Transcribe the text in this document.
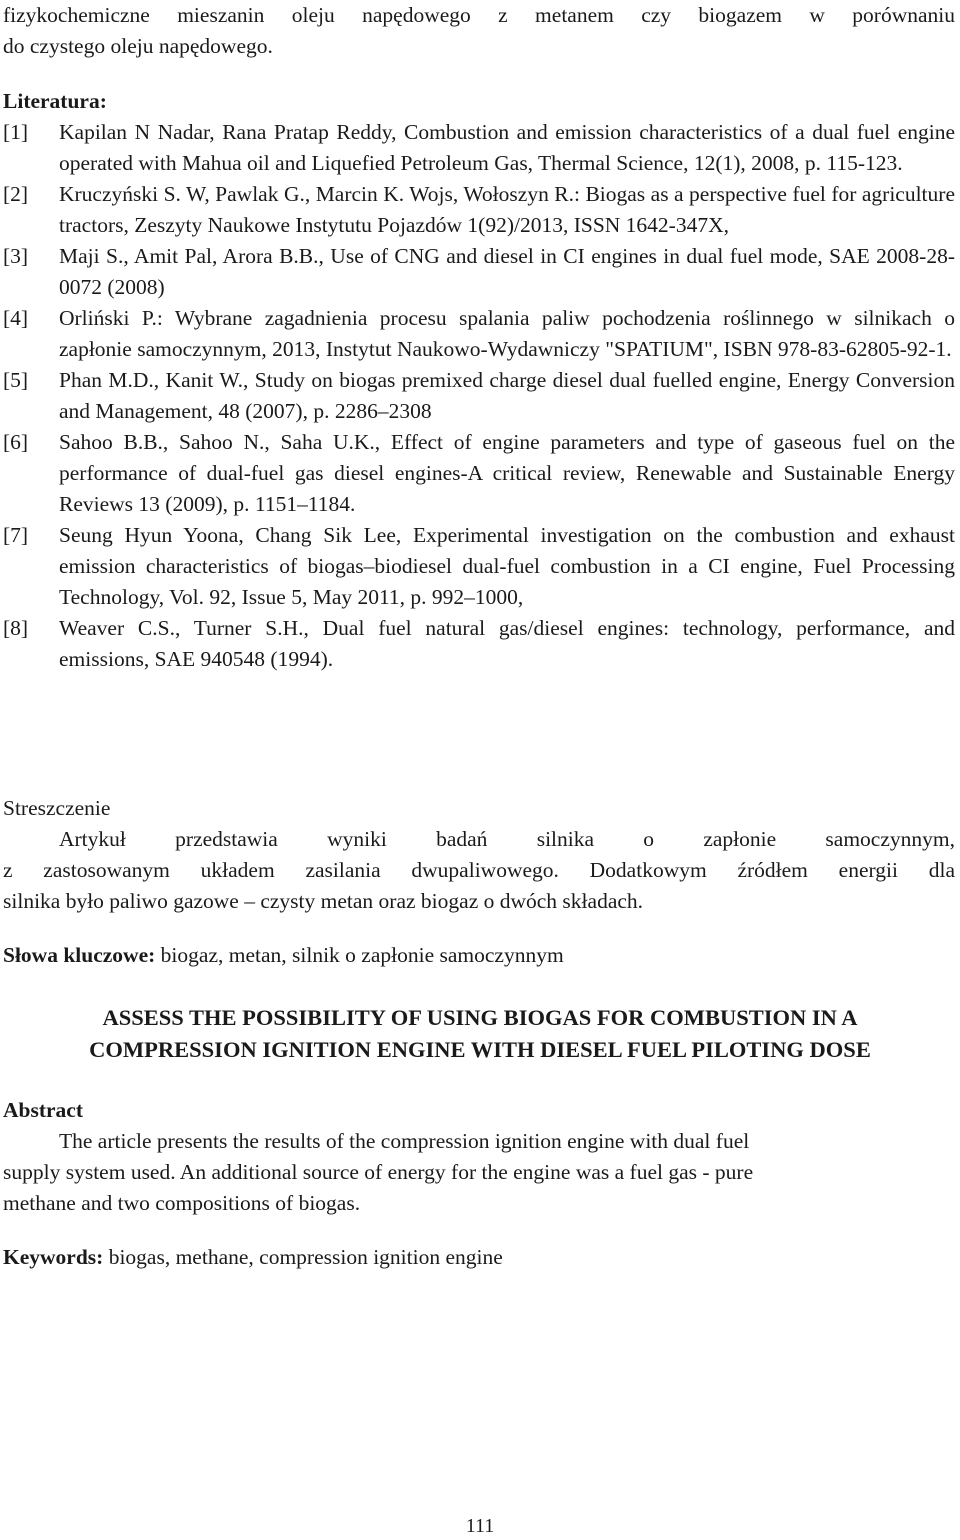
fizykochemiczne mieszanin oleju napędowego z metanem czy biogazem w porównaniu

do czystego oleju napędowego.

Literatura:

[1]	Kapilan N Nadar, Rana Pratap Reddy, Combustion and emission characteristics of a dual fuel engine operated with Mahua oil and Liquefied Petroleum Gas, Thermal Science, 12(1), 2008, p. 115-123.
[2]	Kruczyński S. W, Pawlak G., Marcin K. Wojs, Wołoszyn R.: Biogas as a perspective fuel for agriculture tractors, Zeszyty Naukowe Instytutu Pojazdów 1(92)/2013, ISSN 1642-347X,
[3]	Maji S., Amit Pal, Arora B.B., Use of CNG and diesel in CI engines in dual fuel mode, SAE 2008-28-0072 (2008)
[4]	Orliński P.: Wybrane zagadnienia procesu spalania paliw pochodzenia roślinnego w silnikach o zapłonie samoczynnym, 2013, Instytut Naukowo-Wydawniczy "SPATIUM", ISBN 978-83-62805-92-1.
[5]	Phan M.D., Kanit W., Study on biogas premixed charge diesel dual fuelled engine, Energy Conversion and Management, 48 (2007), p. 2286–2308
[6]	Sahoo B.B., Sahoo N., Saha U.K., Effect of engine parameters and type of gaseous fuel on the performance of dual-fuel gas diesel engines-A critical review, Renewable and Sustainable Energy Reviews 13 (2009), p. 1151–1184.
[7]	Seung Hyun Yoona, Chang Sik Lee, Experimental investigation on the combustion and exhaust emission characteristics of biogas–biodiesel dual-fuel combustion in a CI engine, Fuel Processing Technology, Vol. 92, Issue 5, May 2011, p. 992–1000,
[8]	Weaver C.S., Turner S.H., Dual fuel natural gas/diesel engines: technology, performance, and emissions, SAE 940548 (1994).

Streszczenie

Artykuł przedstawia wyniki badań silnika o zapłonie samoczynnym,

z zastosowanym układem zasilania dwupaliwowego. Dodatkowym źródłem energii dla

silnika było paliwo gazowe – czysty metan oraz biogaz o dwóch składach.

Słowa kluczowe: biogaz, metan, silnik o zapłonie samoczynnym

ASSESS THE POSSIBILITY OF USING BIOGAS FOR COMBUSTION IN A

COMPRESSION IGNITION ENGINE WITH DIESEL FUEL PILOTING DOSE

Abstract

The article presents the results of the compression ignition engine with dual fuel

supply system used. An additional source of energy for the engine was a fuel gas - pure

methane and two compositions of biogas.

Keywords: biogas, methane, compression ignition engine

111
